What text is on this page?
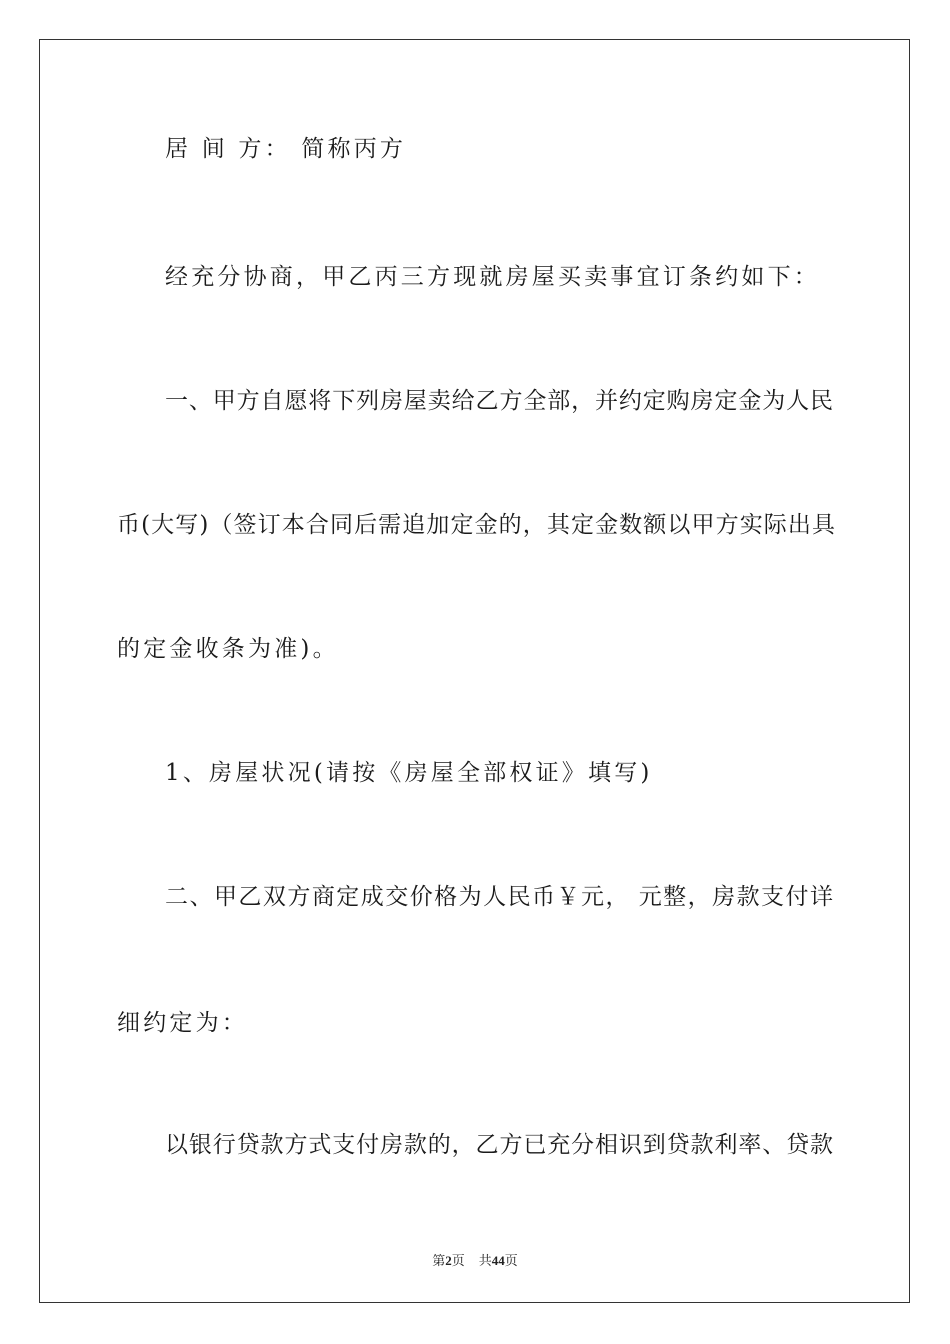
居 间 方： 简称丙方
经充分协商，甲乙丙三方现就房屋买卖事宜订条约如下：
一、甲方自愿将下列房屋卖给乙方全部，并约定购房定金为人民
币(大写)（签订本合同后需追加定金的，其定金数额以甲方实际出具
的定金收条为准)。
1、房屋状况(请按《房屋全部权证》填写)
二、甲乙双方商定成交价格为人民币￥元， 元整，房款支付详
细约定为：
以银行贷款方式支付房款的，乙方已充分相识到贷款利率、贷款
第2页 共44页
